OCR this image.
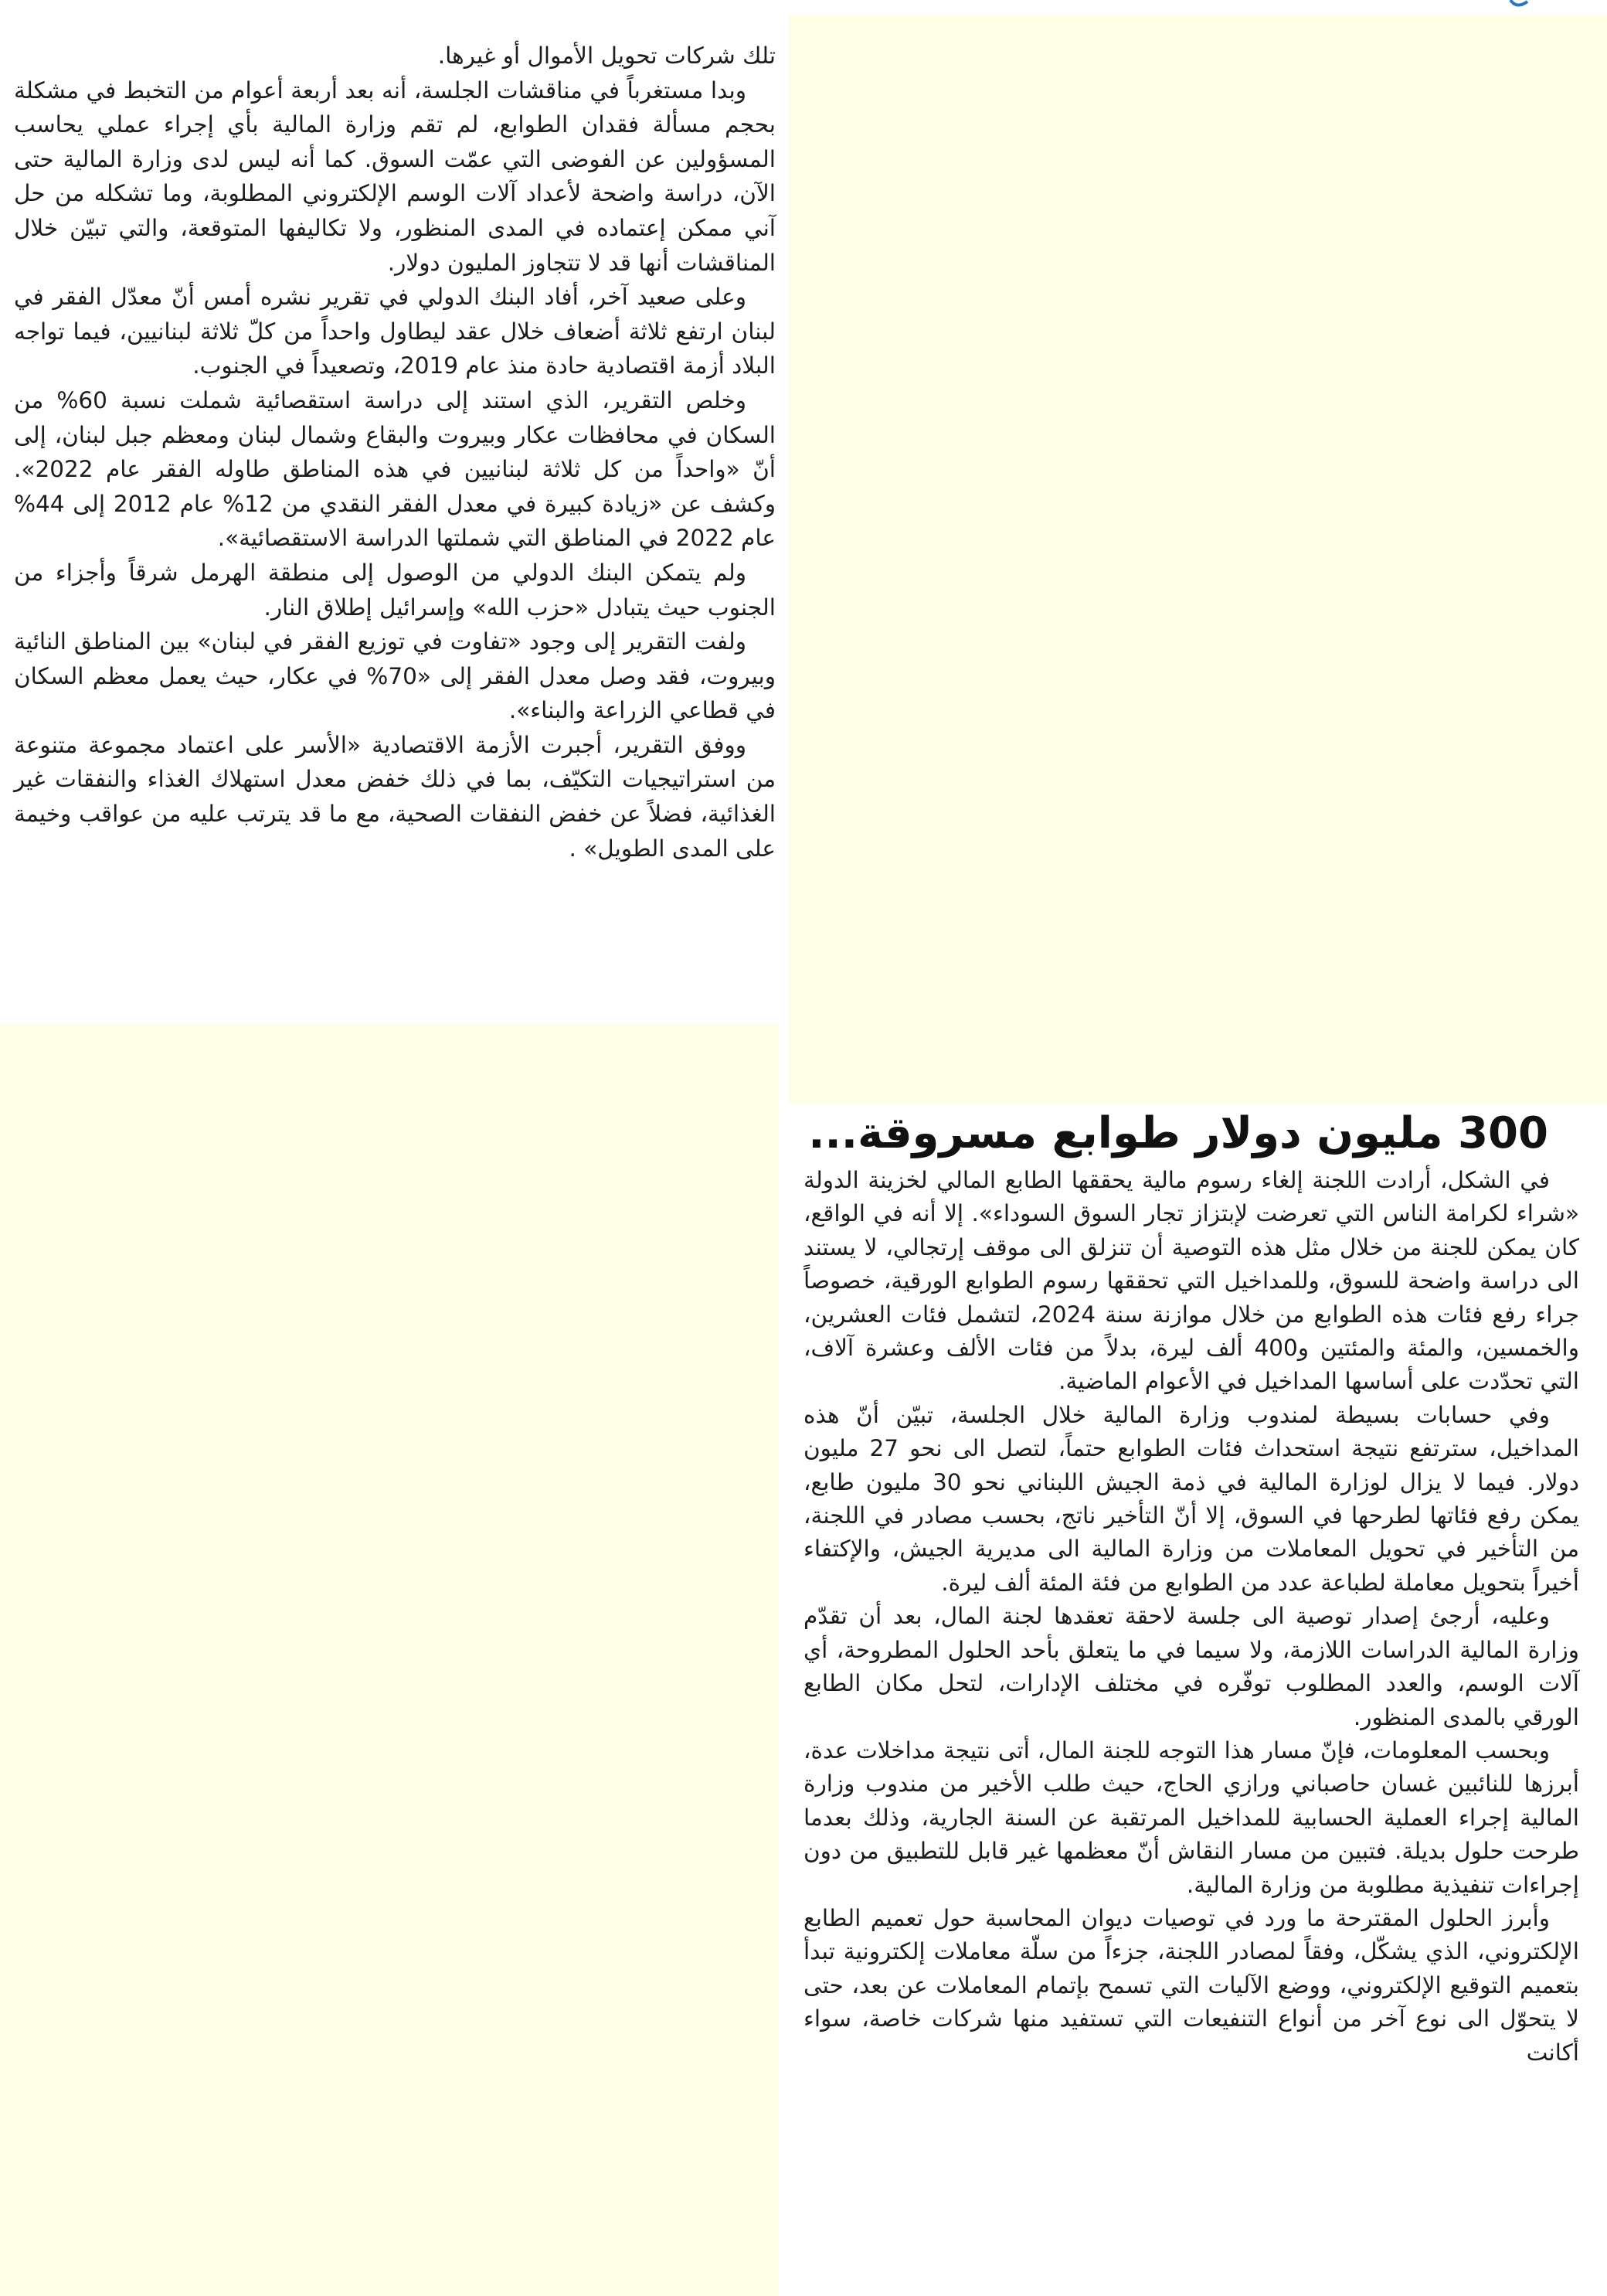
تلك شركات تحويل الأموال أو غيرها.

وبدا مستغرباً في مناقشات الجلسة، أنه بعد أربعة أعوام من التخبط في مشكلة بحجم مسألة فقدان الطوابع، لم تقم وزارة المالية بأي إجراء عملي يحاسب المسؤولين عن الفوضى التي عمّت السوق. كما أنه ليس لدى وزارة المالية حتى الآن، دراسة واضحة لأعداد آلات الوسم الإلكتروني المطلوبة، وما تشكله من حل آني ممكن إعتماده في المدى المنظور، ولا تكاليفها المتوقعة، والتي تبيّن خلال المناقشات أنها قد لا تتجاوز المليون دولار.

وعلى صعيد آخر، أفاد البنك الدولي في تقرير نشره أمس أنّ معدّل الفقر في لبنان ارتفع ثلاثة أضعاف خلال عقد ليطاول واحداً من كلّ ثلاثة لبنانيين، فيما تواجه البلاد أزمة اقتصادية حادة منذ عام 2019، وتصعيداً في الجنوب.

وخلص التقرير، الذي استند إلى دراسة استقصائية شملت نسبة 60% من السكان في محافظات عكار وبيروت والبقاع وشمال لبنان ومعظم جبل لبنان، إلى أنّ «واحداً من كل ثلاثة لبنانيين في هذه المناطق طاوله الفقر عام 2022». وكشف عن «زيادة كبيرة في معدل الفقر النقدي من 12% عام 2012 إلى 44% عام 2022 في المناطق التي شملتها الدراسة الاستقصائية».

ولم يتمكن البنك الدولي من الوصول إلى منطقة الهرمل شرقاً وأجزاء من الجنوب حيث يتبادل «حزب الله» وإسرائيل إطلاق النار.

ولفت التقرير إلى وجود «تفاوت في توزيع الفقر في لبنان» بين المناطق النائية وبيروت، فقد وصل معدل الفقر إلى «70% في عكار، حيث يعمل معظم السكان في قطاعي الزراعة والبناء».

ووفق التقرير، أجبرت الأزمة الاقتصادية «الأسر على اعتماد مجموعة متنوعة من استراتيجيات التكيّف، بما في ذلك خفض معدل استهلاك الغذاء والنفقات غير الغذائية، فضلاً عن خفض النفقات الصحية، مع ما قد يترتب عليه من عواقب وخيمة على المدى الطويل» .

300 مليون دولار طوابع مسروقة...

في الشكل، أرادت اللجنة إلغاء رسوم مالية يحققها الطابع المالي لخزينة الدولة «شراء لكرامة الناس التي تعرضت لإبتزاز تجار السوق السوداء». إلا أنه في الواقع، كان يمكن للجنة من خلال مثل هذه التوصية أن تنزلق الى موقف إرتجالي، لا يستند الى دراسة واضحة للسوق، وللمداخيل التي تحققها رسوم الطوابع الورقية، خصوصاً جراء رفع فئات هذه الطوابع من خلال موازنة سنة 2024، لتشمل فئات العشرين، والخمسين، والمئة والمئتين و400 ألف ليرة، بدلاً من فئات الألف وعشرة آلاف، التي تحدّدت على أساسها المداخيل في الأعوام الماضية.

وفي حسابات بسيطة لمندوب وزارة المالية خلال الجلسة، تبيّن أنّ هذه المداخيل، سترتفع نتيجة استحداث فئات الطوابع حتماً، لتصل الى نحو 27 مليون دولار. فيما لا يزال لوزارة المالية في ذمة الجيش اللبناني نحو 30 مليون طابع، يمكن رفع فئاتها لطرحها في السوق، إلا أنّ التأخير ناتج، بحسب مصادر في اللجنة، من التأخير في تحويل المعاملات من وزارة المالية الى مديرية الجيش، والإكتفاء أخيراً بتحويل معاملة لطباعة عدد من الطوابع من فئة المئة ألف ليرة.

وعليه، أرجئ إصدار توصية الى جلسة لاحقة تعقدها لجنة المال، بعد أن تقدّم وزارة المالية الدراسات اللازمة، ولا سيما في ما يتعلق بأحد الحلول المطروحة، أي آلات الوسم، والعدد المطلوب توفّره في مختلف الإدارات، لتحل مكان الطابع الورقي بالمدى المنظور.

وبحسب المعلومات، فإنّ مسار هذا التوجه للجنة المال، أتى نتيجة مداخلات عدة، أبرزها للنائبين غسان حاصباني ورازي الحاج، حيث طلب الأخير من مندوب وزارة المالية إجراء العملية الحسابية للمداخيل المرتقبة عن السنة الجارية، وذلك بعدما طرحت حلول بديلة. فتبين من مسار النقاش أنّ معظمها غير قابل للتطبيق من دون إجراءات تنفيذية مطلوبة من وزارة المالية.

وأبرز الحلول المقترحة ما ورد في توصيات ديوان المحاسبة حول تعميم الطابع الإلكتروني، الذي يشكّل، وفقاً لمصادر اللجنة، جزءاً من سلّة معاملات إلكترونية تبدأ بتعميم التوقيع الإلكتروني، ووضع الآليات التي تسمح بإتمام المعاملات عن بعد، حتى لا يتحوّل الى نوع آخر من أنواع التنفيعات التي تستفيد منها شركات خاصة، سواء أكانت
